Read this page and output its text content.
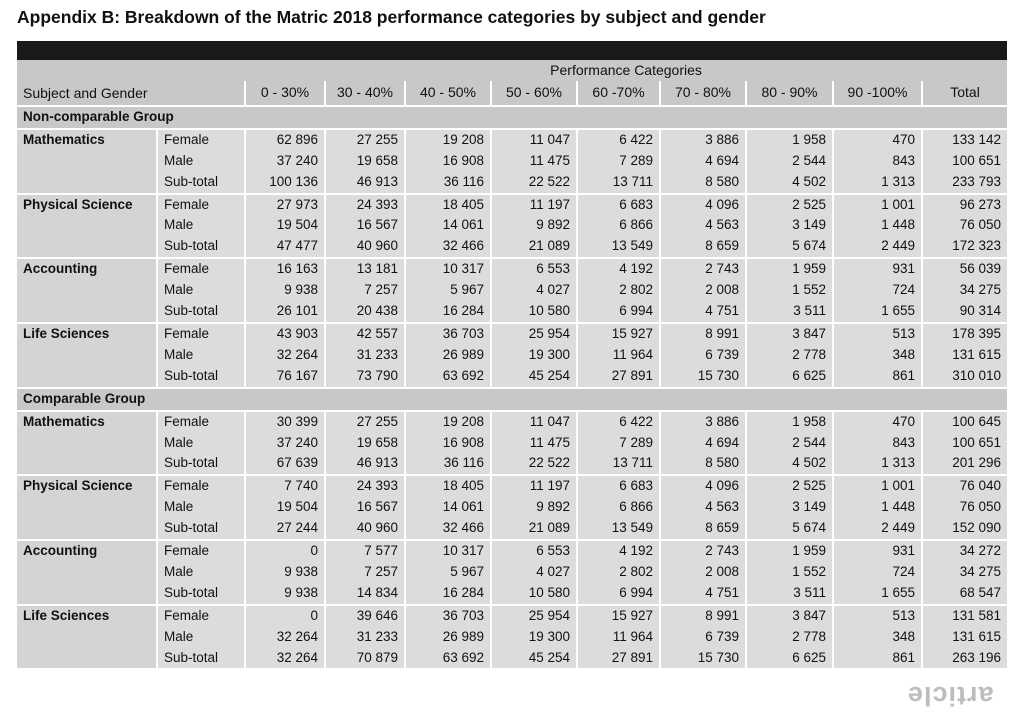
Appendix B: Breakdown of the Matric 2018 performance categories by subject and gender
		Performance Categories								
Subject and Gender		0 - 30%	30 - 40%	40 - 50%	50 - 60%	60 -70%	70 - 80%	80 - 90%	90 -100%	Total
Non-comparable Group										
Mathematics	Female	62 896	27 255	19 208	11 047	6 422	3 886	1 958	470	133 142
	Male	37 240	19 658	16 908	11 475	7 289	4 694	2 544	843	100 651
	Sub-total	100 136	46 913	36 116	22 522	13 711	8 580	4 502	1 313	233 793
Physical Science	Female	27 973	24 393	18 405	11 197	6 683	4 096	2 525	1 001	96 273
	Male	19 504	16 567	14 061	9 892	6 866	4 563	3 149	1 448	76 050
	Sub-total	47 477	40 960	32 466	21 089	13 549	8 659	5 674	2 449	172 323
Accounting	Female	16 163	13 181	10 317	6 553	4 192	2 743	1 959	931	56 039
	Male	9 938	7 257	5 967	4 027	2 802	2 008	1 552	724	34 275
	Sub-total	26 101	20 438	16 284	10 580	6 994	4 751	3 511	1 655	90 314
Life Sciences	Female	43 903	42 557	36 703	25 954	15 927	8 991	3 847	513	178 395
	Male	32 264	31 233	26 989	19 300	11 964	6 739	2 778	348	131 615
	Sub-total	76 167	73 790	63 692	45 254	27 891	15 730	6 625	861	310 010
Comparable Group										
Mathematics	Female	30 399	27 255	19 208	11 047	6 422	3 886	1 958	470	100 645
	Male	37 240	19 658	16 908	11 475	7 289	4 694	2 544	843	100 651
	Sub-total	67 639	46 913	36 116	22 522	13 711	8 580	4 502	1 313	201 296
Physical Science	Female	7 740	24 393	18 405	11 197	6 683	4 096	2 525	1 001	76 040
	Male	19 504	16 567	14 061	9 892	6 866	4 563	3 149	1 448	76 050
	Sub-total	27 244	40 960	32 466	21 089	13 549	8 659	5 674	2 449	152 090
Accounting	Female	0	7 577	10 317	6 553	4 192	2 743	1 959	931	34 272
	Male	9 938	7 257	5 967	4 027	2 802	2 008	1 552	724	34 275
	Sub-total	9 938	14 834	16 284	10 580	6 994	4 751	3 511	1 655	68 547
Life Sciences	Female	0	39 646	36 703	25 954	15 927	8 991	3 847	513	131 581
	Male	32 264	31 233	26 989	19 300	11 964	6 739	2 778	348	131 615
	Sub-total	32 264	70 879	63 692	45 254	27 891	15 730	6 625	861	263 196
article
